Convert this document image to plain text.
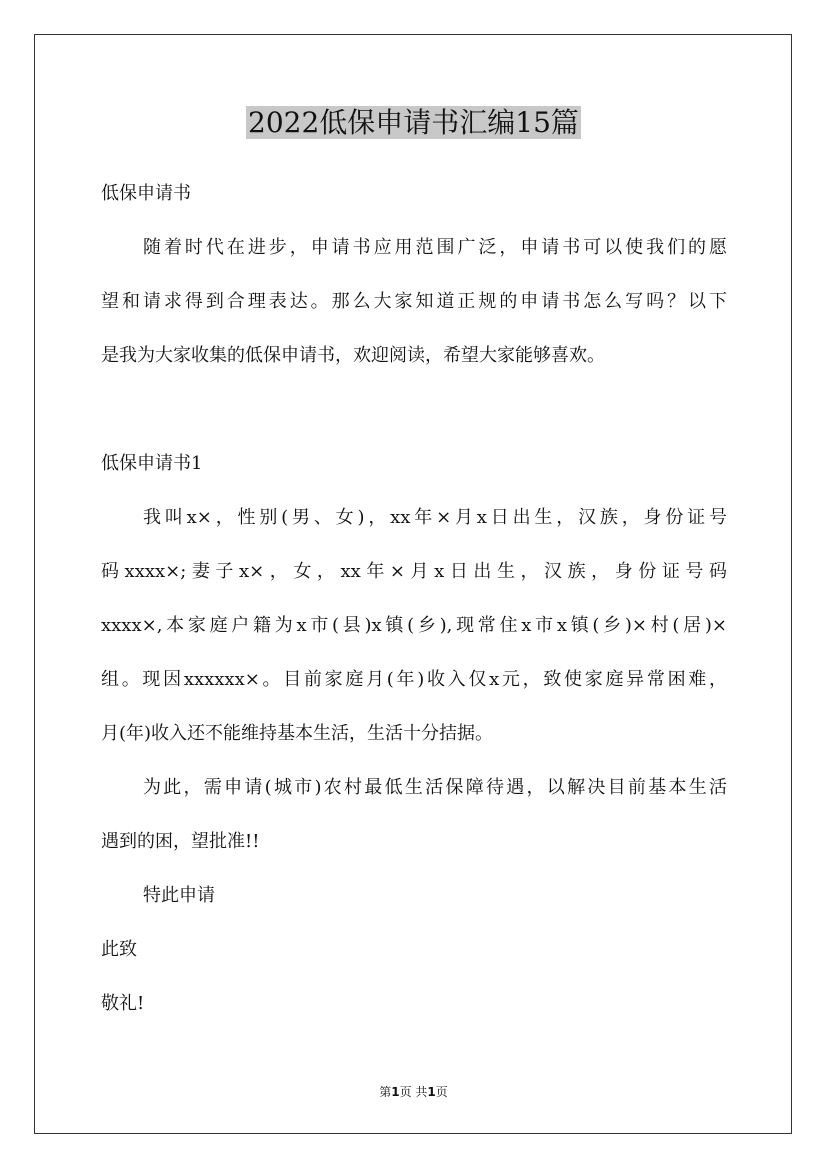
2022低保申请书汇编15篇
低保申请书
随着时代在进步，申请书应用范围广泛，申请书可以使我们的愿
望和请求得到合理表达。那么大家知道正规的申请书怎么写吗？以下
是我为大家收集的低保申请书，欢迎阅读，希望大家能够喜欢。
低保申请书1
我叫x×，性别(男、女)，xx年×月x日出生，汉族，身份证号
码xxxx×;妻子x×，女，xx年×月x日出生，汉族，身份证号码
xxxx×,本家庭户籍为x市(县)x镇(乡),现常住x市x镇(乡)×村(居)×
组。现因xxxxxx×。目前家庭月(年)收入仅x元，致使家庭异常困难，
月(年)收入还不能维持基本生活，生活十分拮据。
为此，需申请(城市)农村最低生活保障待遇，以解决目前基本生活
遇到的困，望批准!!
特此申请
此致
敬礼!
第1页 共1页
